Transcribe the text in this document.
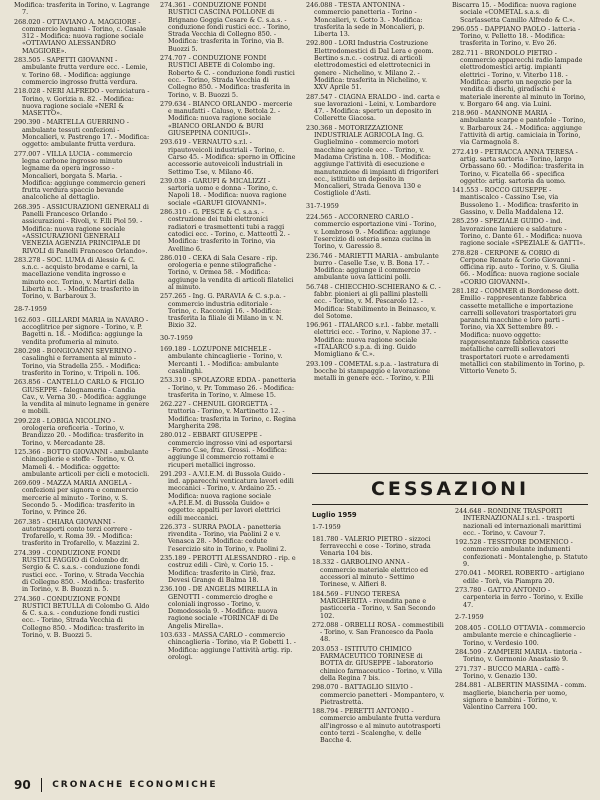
Modifica: trasferita in Torino, v. Lagrange 7.
268.020 - OTTAVIANO A. MAGGIORE - commercio legnami - Torino, c. Casale 312 - Modifica: nuova ragione sociale «OTTAVIANO ALESSANDRO MAGGIORE».
283.505 - SAPETTI GIOVANNI - ambulante frutta verdure ecc. - Lemie, v. Torino 68. - Modifica: aggiunge commercio ingrosso frutta verdura.
218.028 - NERI ALFREDO - verniciatura - Torino, v. Gorizia n. 82. - Modifica: nuova ragione sociale «NERI & MASETTO».
290.390 - MARTELLA GUERRINO - ambulante tessuti confezioni - Moncalieri, v. Pastrengo 17. - Modifica: oggetto: ambulante frutta verdura.
277.007 - VILLA LUCIA - commercio legna carbone ingrosso minuto legname da opera ingrosso - Moncalieri, borgata S. Maria. - Modifica: aggiunge commercio generi frutta verdura spaccio bevande analcoliche al dettaglio.
268.395 - ASSICURAZIONI GENERALI di Panelli Francesco Orlando - assicurazioni - Rivoli, v. F.lli Piol 59. - Modifica: nuova ragione sociale «ASSICURAZIONI GENERALI VENEZIA AGENZIA PRINCIPALE DI RIVOLI di Panelli Francesco Orlando».
283.278 - SOC. LUMA di Alessio & C. s.n.c. - acquisto brodame e carni, la macellazione vendita ingrosso e minuto ecc. Torino, v. Martiri della Libertà n. 1. - Modifica: trasferito in Torino, v. Barbaroux 3.
28-7-1959
162.603 - GILLARDI MARIA in NAVARO - accoglitrice per signore - Torino, v. P. Bagetti n. 18. - Modifica: aggiunge la vendita profumeria al minuto.
280.298 - BONGIOANNI SEVERINO - casalinghi e ferramenta al minuto - Torino, via Stradella 255. - Modifica: trasferito in Torino, v. Tripoli n. 106.
263.856 - CANTELLO CARLO & FIGLIO GIUSEPPE - falegnameria - Candia Cav., v. Verna 30. - Modifica: aggiunge la vendita al minuto legname in genere e mobili.
299.228 - LOBIGA NICOLINO - orologeria oreficeria - Torino, v. Brandizzo 20. - Modifica: trasferito in Torino, v. Mercadante 28.
125.366 - BOTTO GIOVANNI - ambulante chincaglierie e stoffe - Torino, v. O. Mameli 4. - Modifica: oggetto: ambulante articoli per cicli e motocicli.
269.609 - MAZZA MARIA ANGELA - confezioni per signora e commercio mercerie al minuto - Torino, v. S. Secondo 5. - Modifica: trasferito in Torino, v. Prince 26.
267.385 - CHIARA GIOVANNI - autotrasporti conto terzi correre - Trofarello, v. Roma 39. - Modifica: trasferito in Trofarello, v. Mazzini 2.
274.399 - CONDUZIONE FONDI RUSTICI FAGGIO di Colombo dr. Sergio & C. s.a.s. - conduzione fondi rustici ecc. - Torino, v. Strada Vecchia di Collegno 850. - Modifica: trasferito in Torino, v. B. Buozzi n. 5.
274.360 - CONDUZIONE FONDI RUSTICI BETULLA di Colombo G. Aldo & C. s.a.s. - conduzione fondi rustici ecc. - Torino, Strada Vecchia di Collegno 850. - Modifica: trasferito in Torino, v. B. Buozzi 5.
274.361 - CONDUZIONE FONDI RUSTICI CASCINA POLLONE di Brignano Goggia Cesare & C. s.a.s. - conduzione fondi rustici ecc. - Torino, Strada Vecchia di Collegno 850. - Modifica: trasferita in Torino, via B. Buozzi 5.
274.707 - CONDUZIONE FONDI RUSTICI ABETE di Colombo ing. Roberto & C. - conduzione fondi rustici ecc. - Torino, Strada Vecchia di Collegno 850. - Modifica: trasferita in Torino, v. B. Buozzi 5.
279.634 - BIANCO ORLANDO - mercerie e manufatti - Caluso, v. Bettola 2. - Modifica: nuova ragione sociale «BIANCO ORLANDO & BURI GIUSEPPINA CONIUGI».
293.619 - VERNAUTO s.r.l. - ripautoveicoli industriali - Torino, c. Carso 45. - Modifica: sperno in Officine accessorie autoveicoli industriali in Settimo T.se, v. Milano 46.
239.038 - GARUFI & MICALIZZI - sartoria uomo e donna - Torino, c. Napoli 18. - Modifica: nuova ragione sociale «GARUFI GIOVANNI».
286.310 - G. PESCE & C. s.a.s. - costruzione dei tubi elettronici radiatori e trasmettenti tubi a raggi catodici ecc. - Torino, c. Matteotti 2. - Modifica: trasferito in Torino, via Avellino 6.
286.010 - CEKA di Sala Cesare - rip. orologeria e penne stilografiche - Torino, v. Ormea 58. - Modifica: aggiunge la vendita di articoli filatelici al minuto.
257.265 - Ing. G. PARAVIA & C. s.p.a. - commercio industria editoriale - Torino, c. Racconigi 16. - Modifica: trasferita la filiale di Milano in v. N. Bixio 32.
30-7-1959
169.189 - LOZUPONE MICHELE - ambulante chincaglierie - Torino, v. Mercanti 1. - Modifica: ambulante casalinghi.
253.310 - SPOLAZORE EDDA - panetteria - Torino, v. Pr. Tommaso 26. - Modifica: trasferita in Torino, v. Almese 15.
262.227 - CHENUIL GIORGETTA - trattoria - Torino, v. Martinetto 12. - Modifica: trasferita in Torino, c. Regina Margherita 298.
280.012 - EBBART GIUSEPPE - commercio ingrosso vini ad esportarsi - Forno C.se, fraz. Grossi. - Modifica: aggiunge il commercio rottami e ricuperi metallici ingrosso.
291.293 - A.V.I.E.M. di Bussola Guido - ind. apparecchi venticatura lavori edili meccanici - Torino, v. Ardaino 25. - Modifica: nuova ragione sociale «A.P.I.E.M. di Bussola Guido» e oggetto: appalti per lavori elettrici edili meccanici.
226.373 - SURRA PAOLA - panetteria rivendita - Torino, via Paolini 2 e v. Venasca 28. - Modifica: cedute l'esercizio sito in Torino, v. Paolini 2.
235.189 - PEROTTI ALESSANDRO - rip. e costruz edili - Cirè, v. Corio 15. - Modifica: trasferito in Ciriè, fraz. Devesi Grange di Balma 18.
236.100 - DE ANGELIS MIRELLA in GENOTTI - commercio droghe e coloniali ingrosso - Torino, v. Domodossola 9. - Modifica: nuova ragione sociale «TORINCAF di De Angelis Mirella».
103.633 - MASSA CARLO - commercio chincaglieria - Torino, via P. Gobetti 1. - Modifica: aggiunge l'attività artig. rip. orologi.
246.088 - TESTA ANTONINA - commercio panetteria - Torino - Moncalieri, v. Gotto 3. - Modifica: trasferita la sede in Moncalieri, p. Liberta 13.
292.800 - LORI Industria Costruzione Elettrodomestici di Dal Lera e geom. Bertino s.n.c. - costruz. di articoli elettrodomestici ed elettrotecnici in genere - Nichelino, v. Milano 2. - Modifica: trasferita in Nichelino, v. XXV Aprile 51.
287.547 - CIAGNA ERALDO - ind. carta e sue lavorazioni - Leini, v. Lombardore 47. - Modifica: sperto un deposito in Collerette Giacosa.
230.368 - MOTORIZZAZIONE INDUSTRIALE AGRICOLA Ing. G. Guglielmino - commercio motori macchine agricole ecc. - Torino, v. Madama Cristina n. 108. - Modifica: aggiunge l'attività di esecuzione e manutenzione di impianti di frigoriferi ecc., istituito un deposito in Moncalieri, Strada Genova 130 e Costigliole d'Asti.
31-7-1959
224.565 - ACCORNERO CARLO - commercio esportazione vini - Torino, v. Lombroso 9. - Modifica: aggiunge l'esercizio di osteria senza cucina in Torino, v. Garessio 8.
236.746 - MARIETTI MARIA - ambulante burro - Caselle T.se, v. B. Bona 17. - Modifica: aggiunge il commercio ambulante uova latticini polli.
56.748 - CHIECCHIO-SCHIERANO & C. - fabbr. pionieri ai gli pallini plastelli ecc. - Torino, v. M. Pescarolo 12. - Modifica: Stabilimento in Beinasco, v. del Sotome.
196.961 - ITALARCO s.r.l. - fabbr. metalli elettrici ecc. - Torino, v. Napione 37. - Modifica: nuova ragione sociale «ITALARCO s.p.a. di ing. Guido Momigliano & C.».
293.109 - COMETAL s.p.a. - lastratura di bocche bi stampaggio e lavorazione metalli in genere ecc. - Torino, v. P.Ili
Biscarra 15. - Modifica: nuova ragione sociale «COMETAL s.a.s. di Scarlassetta Camillo Alfredo & C.».
296.055 - DAPPIANO PAOLO - latteria - Torino, v. Pelletto 18. - Modifica: trasferita in Torino, v. Evo 26.
282.711 - BRONDOLO PIETRO - commercio apparecchi radio lampade elettrodomestici artig. impianti elettrici - Torino, v. Viterbo 118. - Modifica: aperto un negozio per la vendita di dischi, giradischi e materiale inerente al minuto in Torino, v. Borgaro 64 ang. via Luini.
218.960 - MANNONE MARIA - ambulante scarpe e pantofole - Torino, v. Barbaroux 24. - Modifica: aggiunge l'attività di artig. camiciaia in Torino, via Carmagnola 8.
272.419 - PETRACCA ANNA TERESA - artig. sarta sartoria - Torino, largo Orbassano 60. - Modifica: trasferita in Torino, v. Ficatella 66 - specifica oggetto: artig. sartoria da uomo.
141.553 - ROCCO GIUSEPPE - mantiscalco - Cassino T.se, via Bussoleno 1. - Modifica: trasferito in Gassino, v. Della Maddalena 12.
285.259 - SPEZIALE GUIDO - ind. lavorazione lamiere e saldature - Torino, c. Dante 61. - Modifica: nuova ragione sociale «SPEZIALE & GATTI».
278.828 - CERPONE & CORIO di Cerpone Renato & Corio Giovanni - officina rip. auto - Torino, v. S. Giulia 66. - Modifica: nuova ragione sociale «CORIO GIOVANNI».
281.182 - COMMER di Bordonese dott. Emilio - rappresentanze fabbrica cassette metalliche e importazione carrelli sollevatori trasportatori gru paranchi macchine e loro parti - Torino, via XX Settembre 89. - Modifica: nuovo oggetto: rappresentanze fabbrica cassette metalliche carrelli sollevatori trasportatori ruote e arredamenti metallici con stabilimento in Torino, p. Vittorio Veneto 5.
CESSAZIONI
Luglio 1959
1-7-1959
181.780 - VALERIO PIETRO - sizzoci ferravecchi e cose - Torino, strada Venaria 104 bis.
18.332 - GARBOLINO ANNA - commercio materiale elettrico ed accessori al minuto - Settimo Torinese, v. Alfieri 8.
184.569 - FUNGO TERESA MARGHERITA - rivendita pane e pasticceria - Torino, v. San Secondo 102.
272.088 - ORBELLI ROSA - commestibili - Torino, v. San Francesco da Paola 48.
203.053 - ISTITUTO CHIMICO FARMACEUTICO TORINESE di BOTTA dr. GIUSEPPE - laboratorio chimico farmaceutico - Torino, v. Villa della Regina 7 bis.
298.070 - BATTAGLIO SILVIO - commercio panetteri - Mompantero, v. Pietrastretta.
188.794 - PERETTI ANTONIO - commercio ambulante frutta verdura all'ingrosso e al minuto autotrasporti conto terzi - Scalenghe, v. delle Bacche 4.
244.648 - RONDINE TRASPORTI INTERNAZIONALI s.r.l. - trasporti nazionali ed internazionali marittimi ecc. - Torino, v. Cavour 7.
192.528 - TESSITORE DOMENICO - commercio ambulante indumenti confezionati - Montalenghe, p. Statuto 9.
270.041 - MOREL ROBERTO - artigiano edile - Torà, via Piampra 20.
273.780 - GATTO ANTONIO - carpenteria in ferro - Torino, v. Exille 47.
2-7-1959
208.405 - COLLO OTTAVIA - commercio ambulante mercie e chincaglierie - Torino, v. Verdesio 100.
284.509 - ZAMPIERI MARIA - tintoria - Torino, v. Germonio Anastasio 9.
271.737 - BUCCO MARIA - caffè - Torino, v. Genazio 130.
284.881 - ALBERTIN MASSIMA - comm. maglierie, biancheria per uomo, signora e bambini - Torino, v. Valentino Carrera 100.
90 CRONACHE ECONOMICHE
